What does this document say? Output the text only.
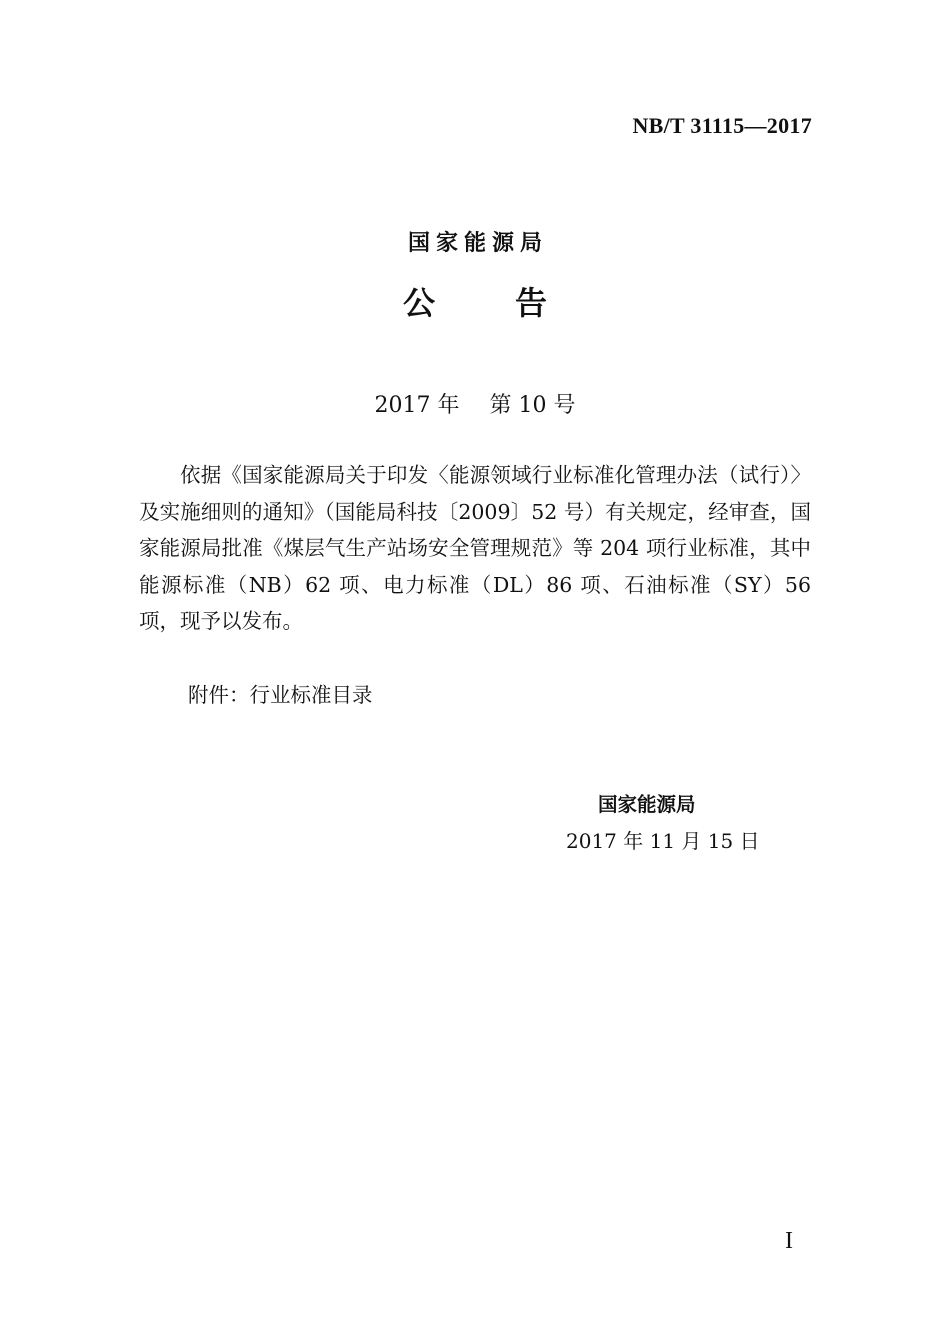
NB/T 31115—2017
国家能源局
公	告
2017 年 第 10 号

依据《国家能源局关于印发〈能源领域行业标准化管理办法（试行）〉及实施细则的通知》（国能局科技〔2009〕52 号）有关规定，经审查，国家能源局批准《煤层气生产站场安全管理规范》等 204 项行业标准，其中能源标准（NB）62 项、电力标准（DL）86 项、石油标准（SY）56 项，现予以发布。

附件：行业标准目录
国家能源局
2017 年 11 月 15 日
I
